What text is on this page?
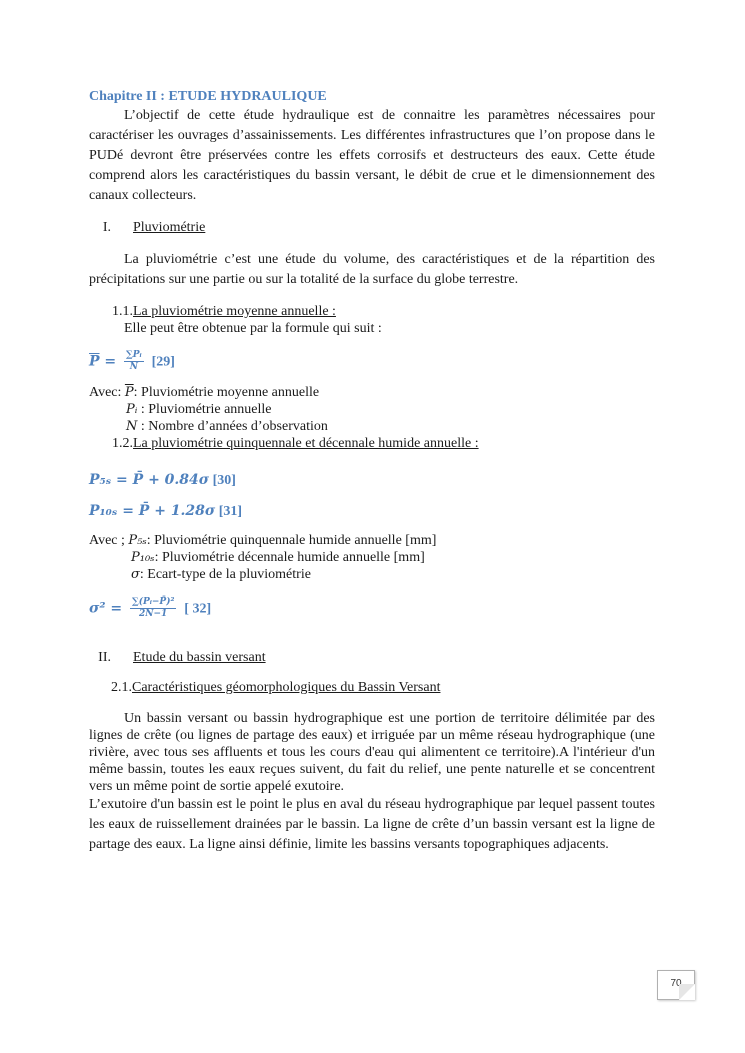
Chapitre II : ETUDE HYDRAULIQUE

L’objectif de cette étude hydraulique est de connaitre les paramètres nécessaires pour caractériser les ouvrages d’assainissements. Les différentes infrastructures que l’on propose dans le PUDé devront être préservées contre les effets corrosifs et destructeurs des eaux. Cette étude comprend alors les caractéristiques du bassin versant, le débit de crue et le dimensionnement des canaux collecteurs.

I. Pluviométrie

La pluviométrie c’est une étude du volume, des caractéristiques et de la répartition des précipitations sur une partie ou sur la totalité de la surface du globe terrestre.

1.1.La pluviométrie moyenne annuelle :
Elle peut être obtenue par la formule qui suit :
$\overline{P} = \frac{\text{∑Pᵢ}}{N} [29]$
Avec: $\overline{P}$: Pluviométrie moyenne annuelle
Pᵢ : Pluviométrie annuelle
N : Nombre d’années d’observation
1.2.La pluviométrie quinquennale et décennale humide annuelle :
P₅ₛ = P̄ + 0.84σ [30]
P₁₀ₛ = P̄ + 1.28σ [31]
Avec ; P₅ₛ: Pluviométrie quinquennale humide annuelle [mm]
P₁₀ₛ: Pluviométrie décennale humide annuelle [mm]
σ: Ecart-type de la pluviométrie
$\sigma^2 = \frac{\text{∑(Pᵢ−P̄)²}}{2N-1}$ [ 32]
II. Etude du bassin versant
2.1.Caractéristiques géomorphologiques du Bassin Versant

Un bassin versant ou bassin hydrographique est une portion de territoire délimitée par des lignes de crête (ou lignes de partage des eaux) et irriguée par un même réseau hydrographique (une rivière, avec tous ses affluents et tous les cours d'eau qui alimentent ce territoire).A l'intérieur d'un même bassin, toutes les eaux reçues suivent, du fait du relief, une pente naturelle et se concentrent vers un même point de sortie appelé exutoire.

L’exutoire d'un bassin est le point le plus en aval du réseau hydrographique par lequel passent toutes les eaux de ruissellement drainées par le bassin. La ligne de crête d’un bassin versant est la ligne de partage des eaux. La ligne ainsi définie, limite les bassins versants topographiques adjacents.

70
